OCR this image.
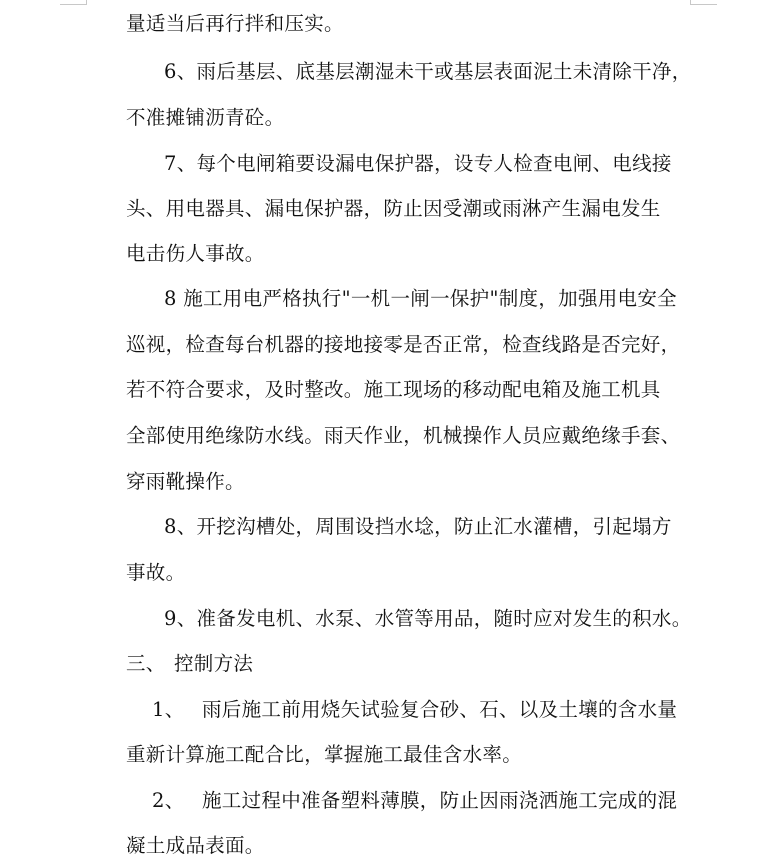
量适当后再行拌和压实。
6、雨后基层、底基层潮湿未干或基层表面泥土未清除干净，
不准摊铺沥青砼。
7、每个电闸箱要设漏电保护器，设专人检查电闸、电线接
头、用电器具、漏电保护器，防止因受潮或雨淋产生漏电发生
电击伤人事故。
8 施工用电严格执行"一机一闸一保护"制度，加强用电安全
巡视，检查每台机器的接地接零是否正常，检查线路是否完好，
若不符合要求，及时整改。施工现场的移动配电箱及施工机具
全部使用绝缘防水线。雨天作业，机械操作人员应戴绝缘手套、
穿雨靴操作。
8、开挖沟槽处，周围设挡水埝，防止汇水灌槽，引起塌方
事故。
9、准备发电机、水泵、水管等用品，随时应对发生的积水。
三、 控制方法
1、 雨后施工前用烧矢试验复合砂、石、以及土壤的含水量
重新计算施工配合比，掌握施工最佳含水率。
2、 施工过程中准备塑料薄膜，防止因雨浇洒施工完成的混
凝土成品表面。
